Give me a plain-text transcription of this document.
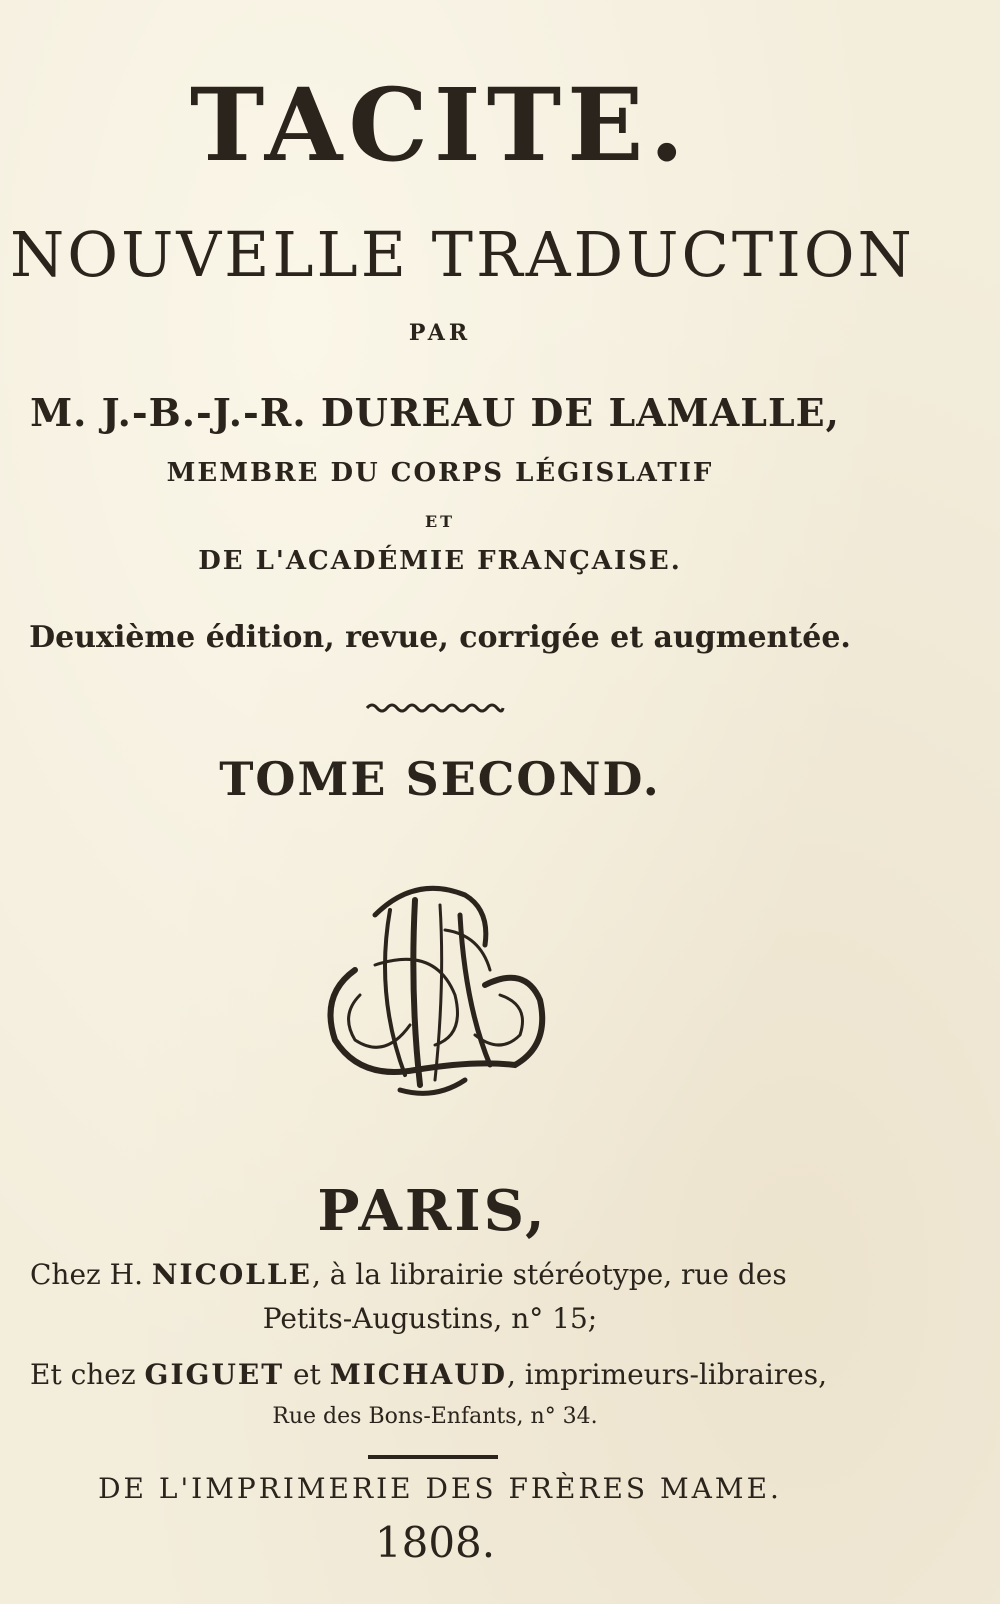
TACITE.
NOUVELLE TRADUCTION
PAR
M. J.-B.-J.-R. DUREAU DE LAMALLE,
MEMBRE DU CORPS LÉGISLATIF
ET
DE L'ACADÉMIE FRANÇAISE.
Deuxième édition, revue, corrigée et augmentée.
TOME SECOND.
PARIS,
Chez H. NICOLLE, à la librairie stéréotype, rue des
Petits-Augustins, n° 15;
Et chez GIGUET et MICHAUD, imprimeurs-libraires,
Rue des Bons-Enfants, n° 34.
DE L'IMPRIMERIE DES FRÈRES MAME.
1808.
